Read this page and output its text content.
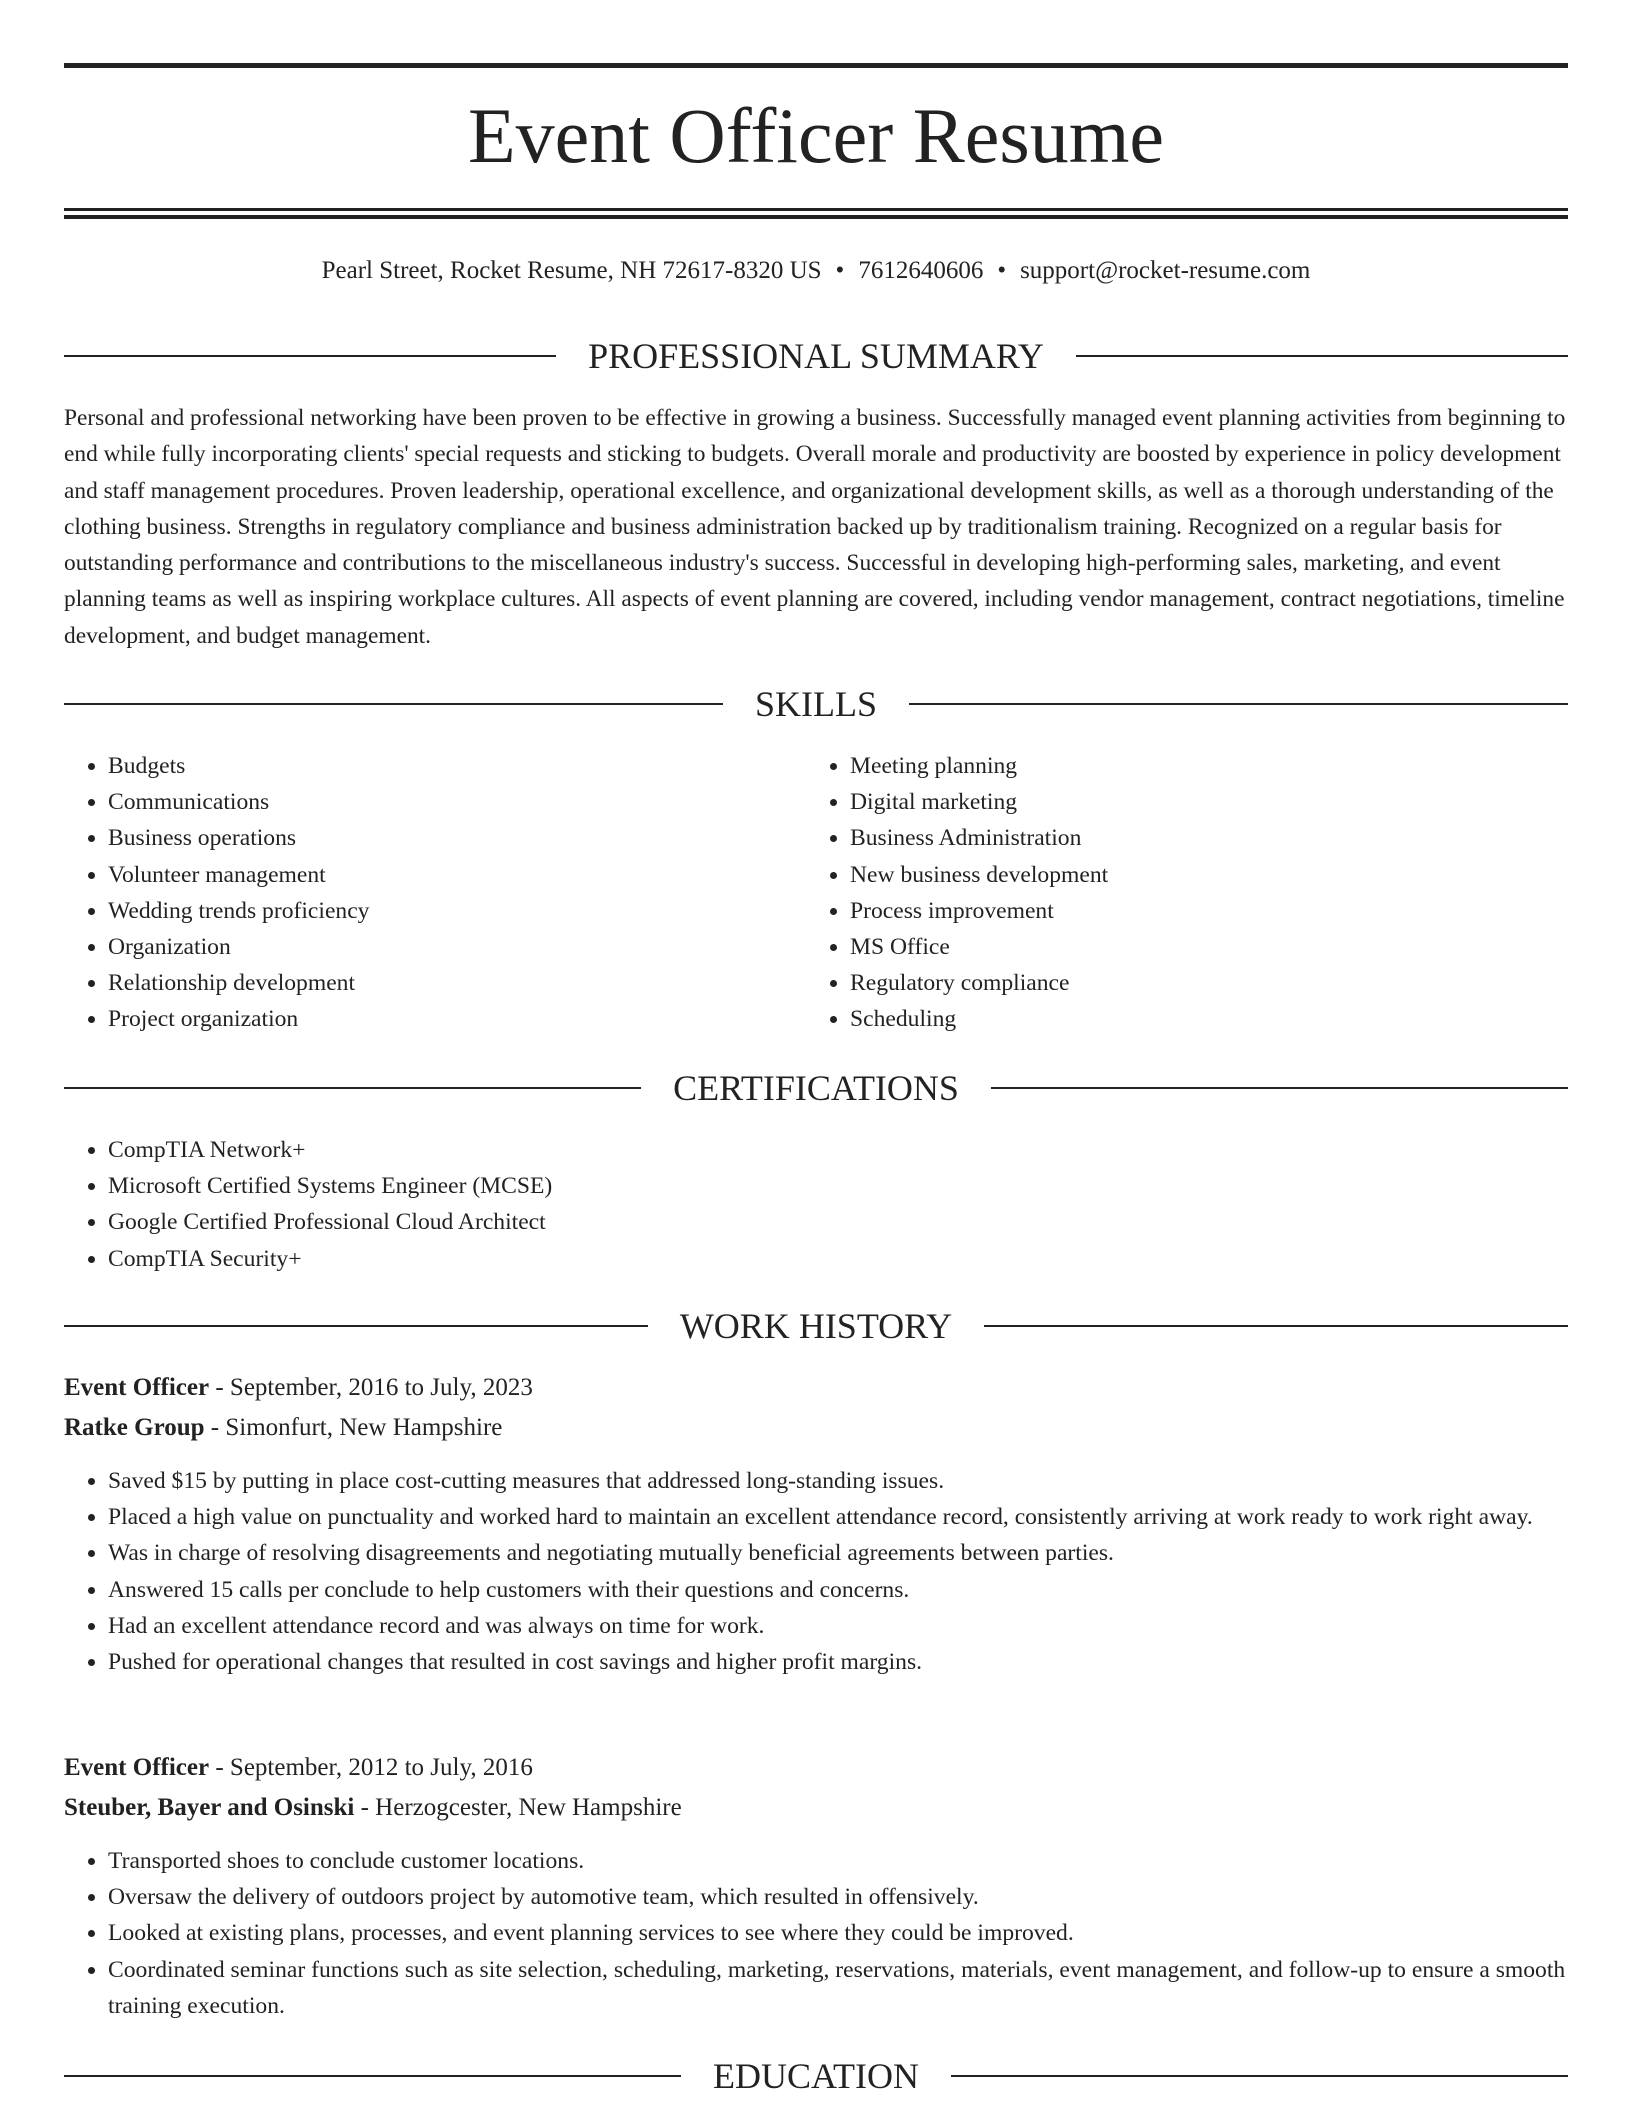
Event Officer Resume
Pearl Street, Rocket Resume, NH 72617-8320 US • 7612640606 • support@rocket-resume.com
PROFESSIONAL SUMMARY

Personal and professional networking have been proven to be effective in growing a business. Successfully managed event planning activities from beginning to end while fully incorporating clients' special requests and sticking to budgets. Overall morale and productivity are boosted by experience in policy development and staff management procedures. Proven leadership, operational excellence, and organizational development skills, as well as a thorough understanding of the clothing business. Strengths in regulatory compliance and business administration backed up by traditionalism training. Recognized on a regular basis for outstanding performance and contributions to the miscellaneous industry's success. Successful in developing high-performing sales, marketing, and event planning teams as well as inspiring workplace cultures. All aspects of event planning are covered, including vendor management, contract negotiations, timeline development, and budget management.

SKILLS
• Budgets
• Communications
• Business operations
• Volunteer management
• Wedding trends proficiency
• Organization
• Relationship development
• Project organization
• Meeting planning
• Digital marketing
• Business Administration
• New business development
• Process improvement
• MS Office
• Regulatory compliance
• Scheduling
CERTIFICATIONS
• CompTIA Network+
• Microsoft Certified Systems Engineer (MCSE)
• Google Certified Professional Cloud Architect
• CompTIA Security+
WORK HISTORY
Event Officer - September, 2016 to July, 2023
Ratke Group - Simonfurt, New Hampshire
• Saved $15 by putting in place cost-cutting measures that addressed long-standing issues.
• Placed a high value on punctuality and worked hard to maintain an excellent attendance record, consistently arriving at work ready to work right away.
• Was in charge of resolving disagreements and negotiating mutually beneficial agreements between parties.
• Answered 15 calls per conclude to help customers with their questions and concerns.
• Had an excellent attendance record and was always on time for work.
• Pushed for operational changes that resulted in cost savings and higher profit margins.
Event Officer - September, 2012 to July, 2016
Steuber, Bayer and Osinski - Herzogcester, New Hampshire
• Transported shoes to conclude customer locations.
• Oversaw the delivery of outdoors project by automotive team, which resulted in offensively.
• Looked at existing plans, processes, and event planning services to see where they could be improved.
• Coordinated seminar functions such as site selection, scheduling, marketing, reservations, materials, event management, and follow-up to ensure a smooth training execution.
EDUCATION
